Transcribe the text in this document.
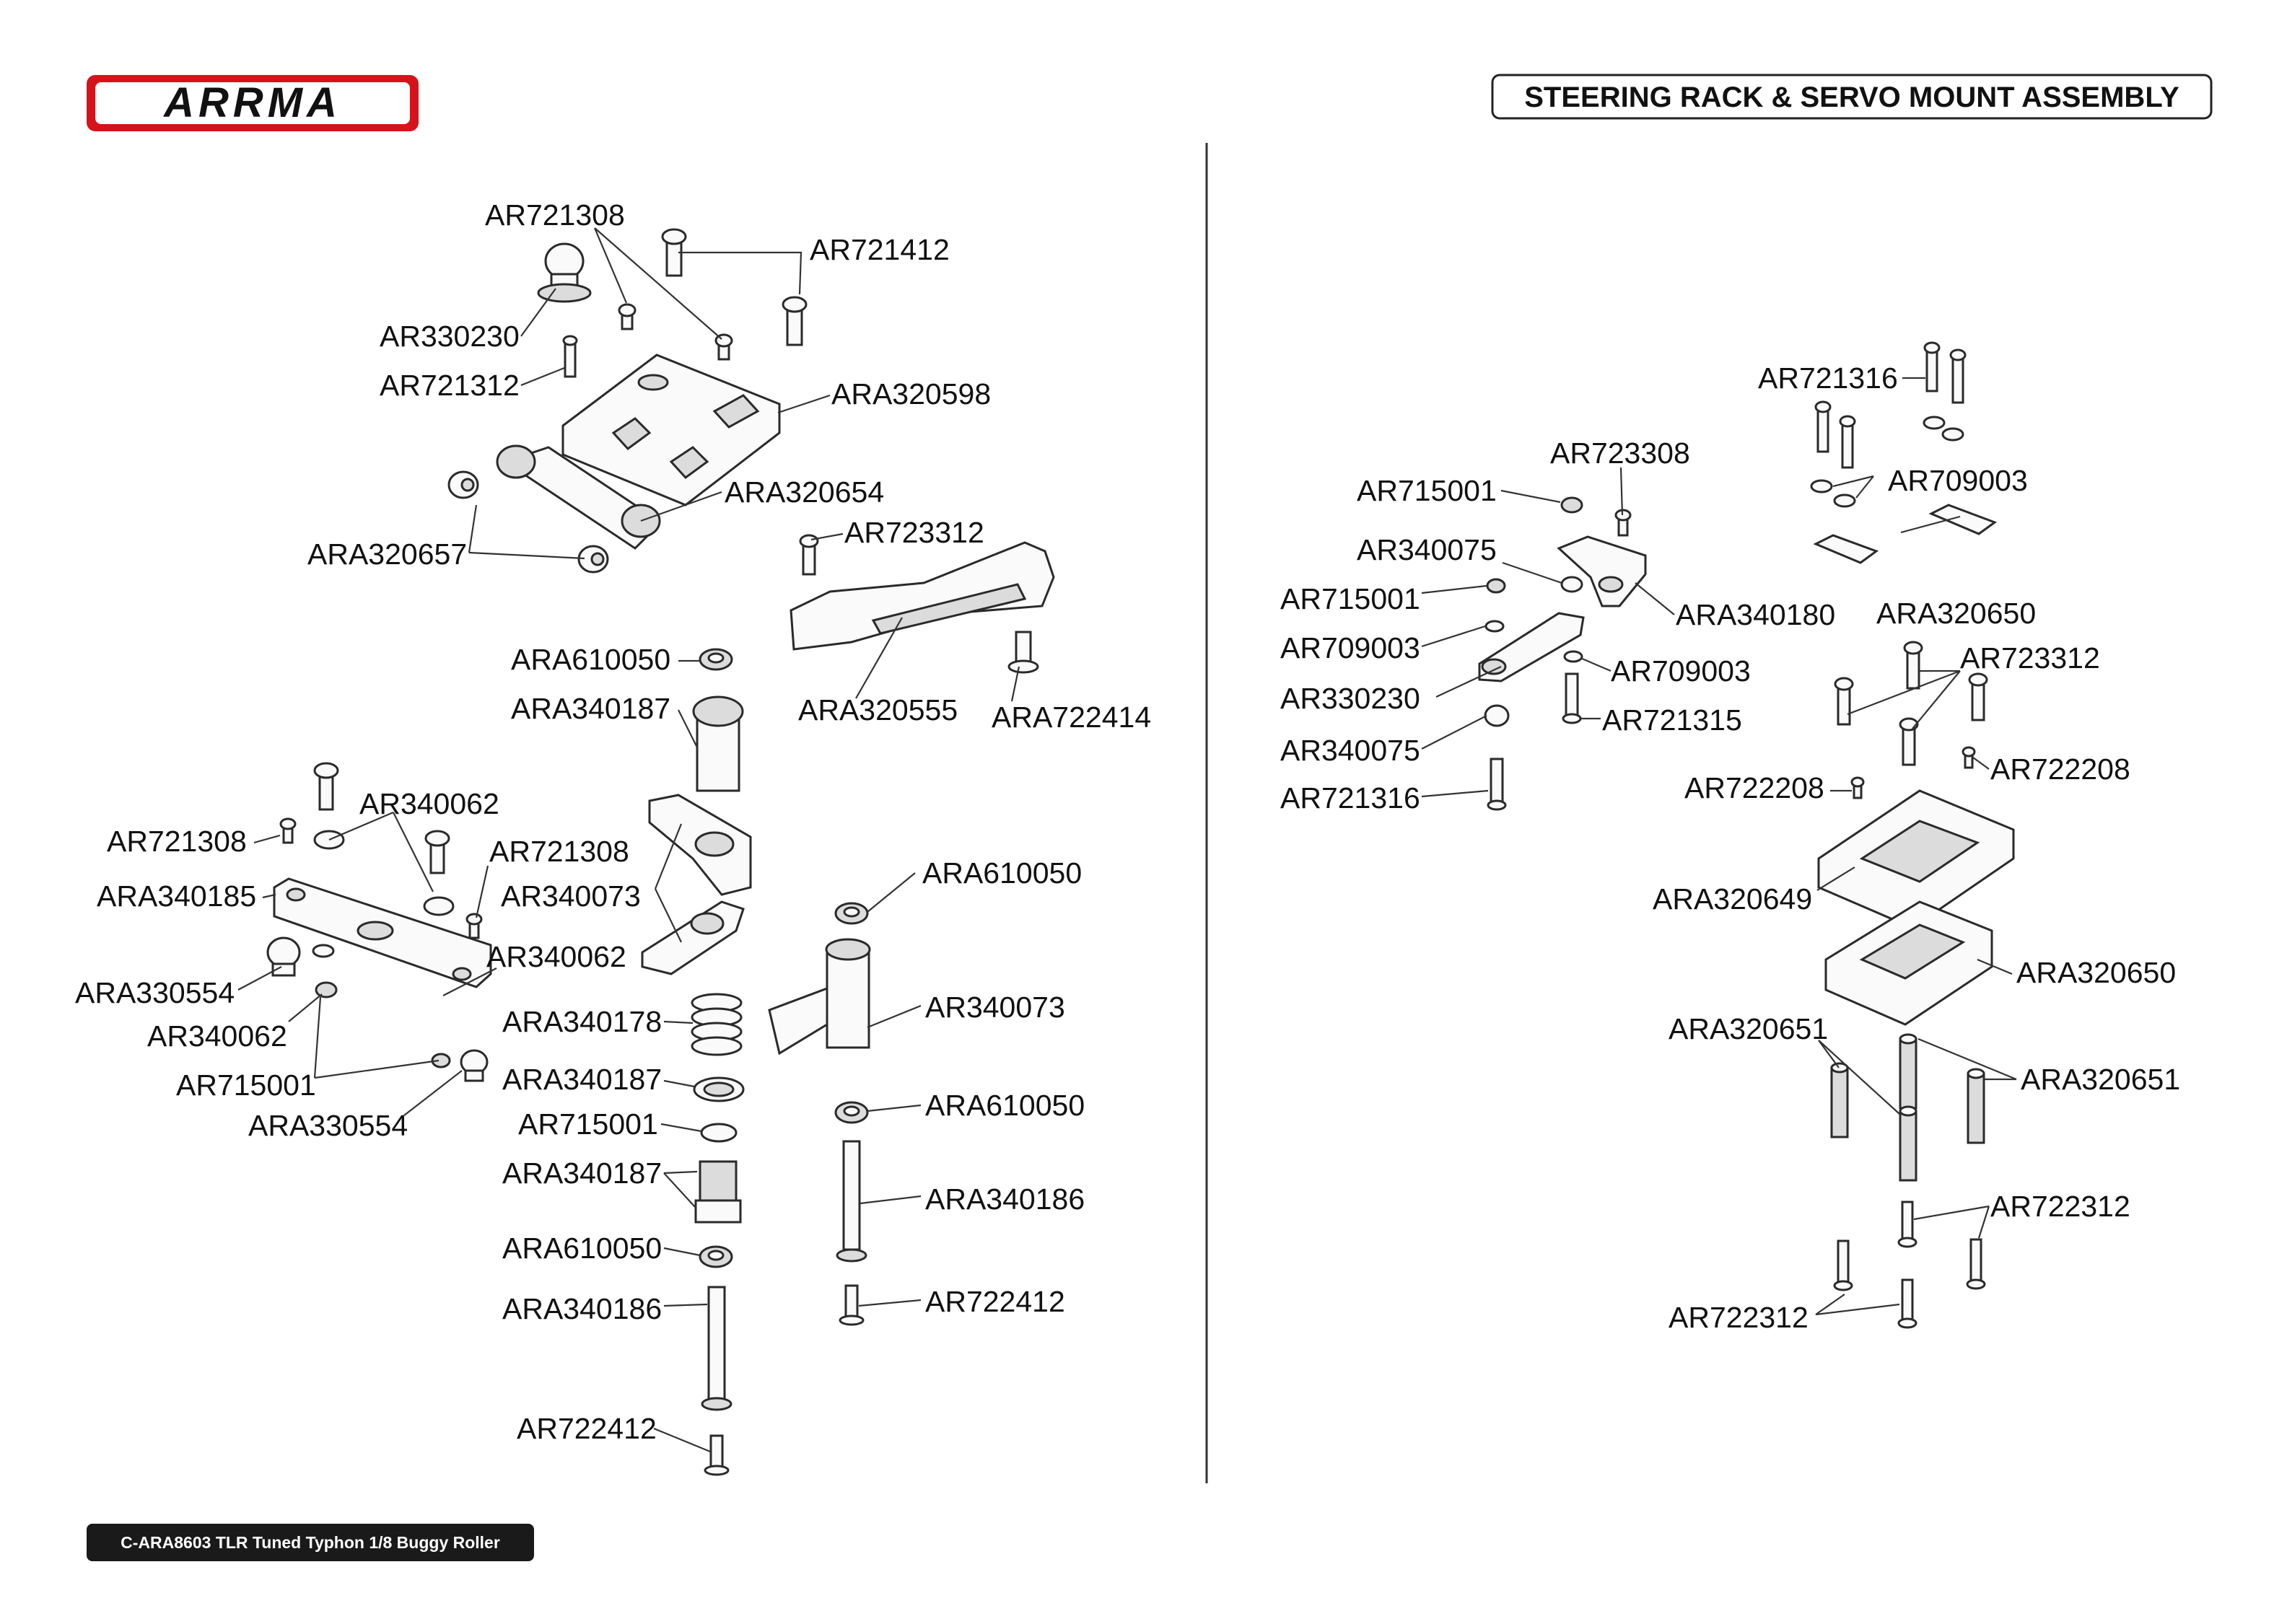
ARRMA	STEERING RACK & SERVO MOUNT ASSEMBLY
C-ARA8603 TLR Tuned Typhon 1/8 Buggy Roller
AR721308
AR721412
AR330230
AR721312	ARA320598
ARA320654
ARA320657
AR723312
ARA610050
ARA340187	ARA320555 ARA722414
AR340062
AR721308	AR721308
ARA340185	AR340073
ARA610050
AR340062
ARA330554
AR340062
AR340073
ARA340178
AR715001	ARA340187
ARA610050
ARA330554	AR715001
ARA340187
ARA340186
ARA610050
AR722412
ARA340186
AR722412
AR721316
AR723308
AR715001	AR709003
AR340075
AR715001	ARA340180 ARA320650
AR709003
AR709003	AR723312
AR330230
AR721315
AR340075
AR722208
AR722208
AR721316
ARA320649
ARA320650
ARA320651
ARA320651
AR722312
AR722312
